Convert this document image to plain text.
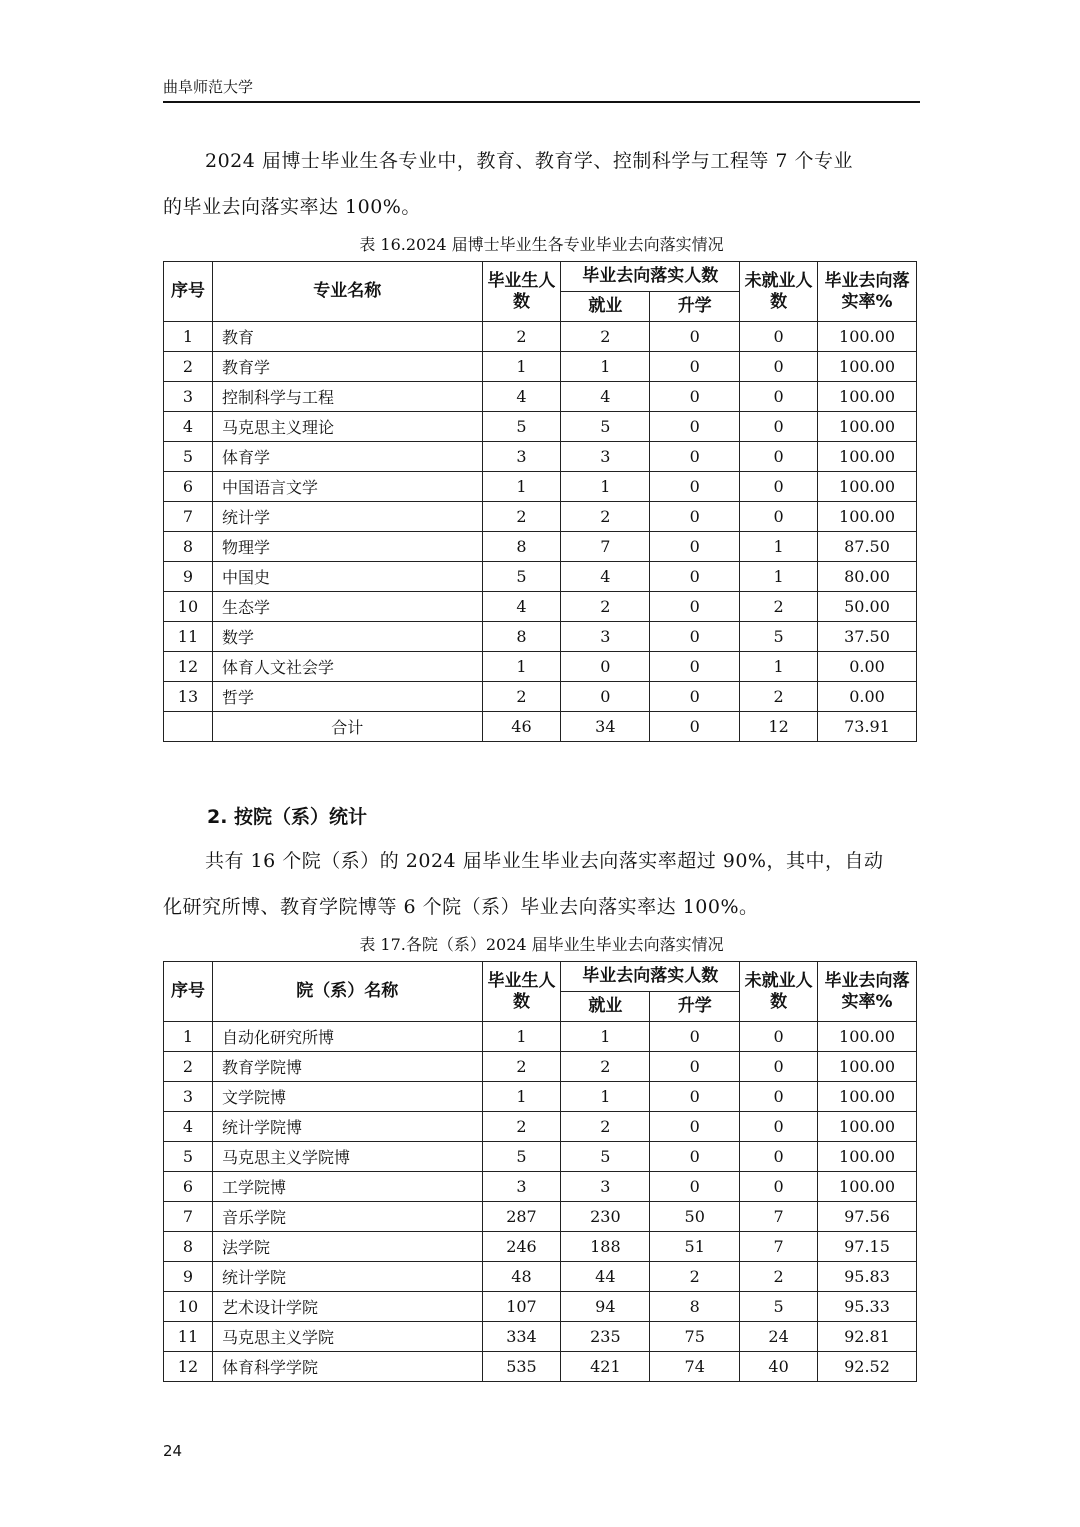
曲阜师范大学
2024 届博士毕业生各专业中，教育、教育学、控制科学与工程等 7 个专业
的毕业去向落实率达 100%。
表 16.2024 届博士毕业生各专业毕业去向落实情况
序号	专业名称	毕业生人数	毕业去向落实人数		未就业人数	毕业去向落实率%
			就业	升学		
1	教育	2	2	0	0	100.00
2	教育学	1	1	0	0	100.00
3	控制科学与工程	4	4	0	0	100.00
4	马克思主义理论	5	5	0	0	100.00
5	体育学	3	3	0	0	100.00
6	中国语言文学	1	1	0	0	100.00
7	统计学	2	2	0	0	100.00
8	物理学	8	7	0	1	87.50
9	中国史	5	4	0	1	80.00
10	生态学	4	2	0	2	50.00
11	数学	8	3	0	5	37.50
12	体育人文社会学	1	0	0	1	0.00
13	哲学	2	0	0	2	0.00
	合计	46	34	0	12	73.91
2. 按院（系）统计
共有 16 个院（系）的 2024 届毕业生毕业去向落实率超过 90%，其中，自动
化研究所博、教育学院博等 6 个院（系）毕业去向落实率达 100%。
表 17.各院（系）2024 届毕业生毕业去向落实情况
序号	院（系）名称	毕业生人数	毕业去向落实人数		未就业人数	毕业去向落实率%
			就业	升学		
1	自动化研究所博	1	1	0	0	100.00
2	教育学院博	2	2	0	0	100.00
3	文学院博	1	1	0	0	100.00
4	统计学院博	2	2	0	0	100.00
5	马克思主义学院博	5	5	0	0	100.00
6	工学院博	3	3	0	0	100.00
7	音乐学院	287	230	50	7	97.56
8	法学院	246	188	51	7	97.15
9	统计学院	48	44	2	2	95.83
10	艺术设计学院	107	94	8	5	95.33
11	马克思主义学院	334	235	75	24	92.81
12	体育科学学院	535	421	74	40	92.52
24
